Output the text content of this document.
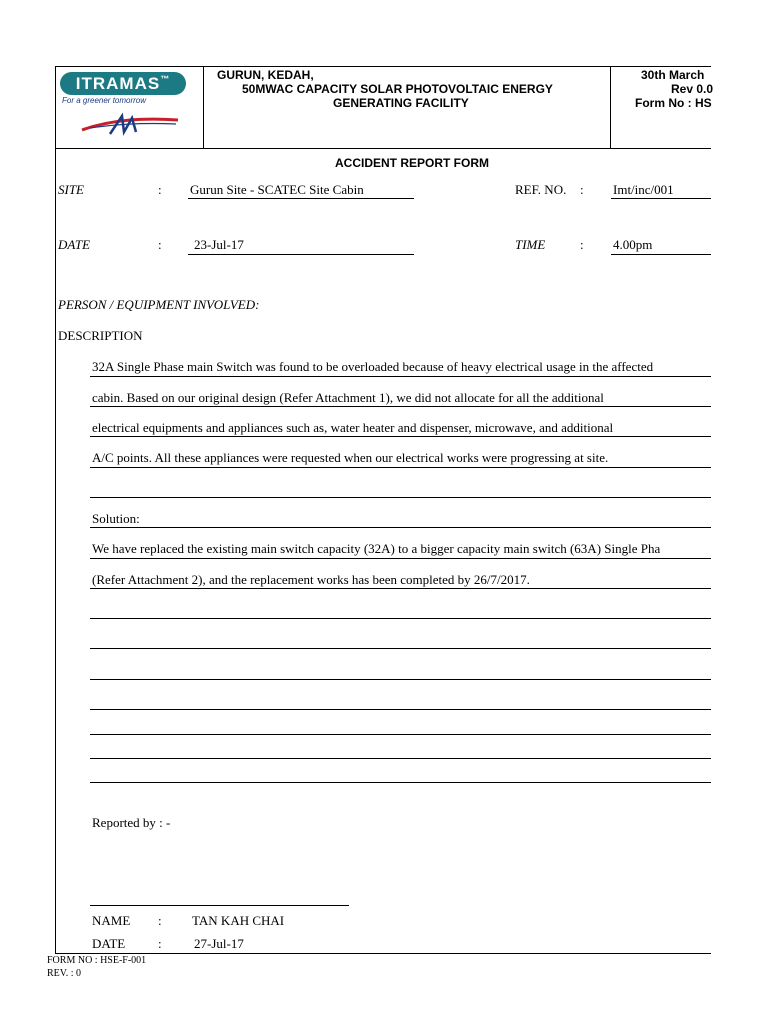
ITRAMAS™
For a greener tomorrow
GURUN, KEDAH,
50MWAC CAPACITY SOLAR PHOTOVOLTAIC ENERGY
GENERATING FACILITY
30th March
Rev 0.0
Form No : HS
ACCIDENT REPORT FORM
SITE	: Gurun Site - SCATEC Site Cabin	REF. NO. : Imt/inc/001
DATE	: 23-Jul-17	TIME	: 4.00pm
PERSON / EQUIPMENT INVOLVED:
DESCRIPTION
32A Single Phase main Switch was found to be overloaded because of heavy electrical usage in the affected
cabin. Based on our original design (Refer Attachment 1), we did not allocate for all the additional
electrical equipments and appliances such as, water heater and dispenser, microwave, and additional
A/C points. All these appliances were requested when our electrical works were progressing at site.
Solution:
We have replaced the existing main switch capacity (32A) to a bigger capacity main switch (63A) Single Pha
(Refer Attachment 2), and the replacement works has been completed by 26/7/2017.
Reported by : -
NAME : TAN KAH CHAI
DATE	: 27-Jul-17
FORM NO : HSE-F-001
REV. : 0
